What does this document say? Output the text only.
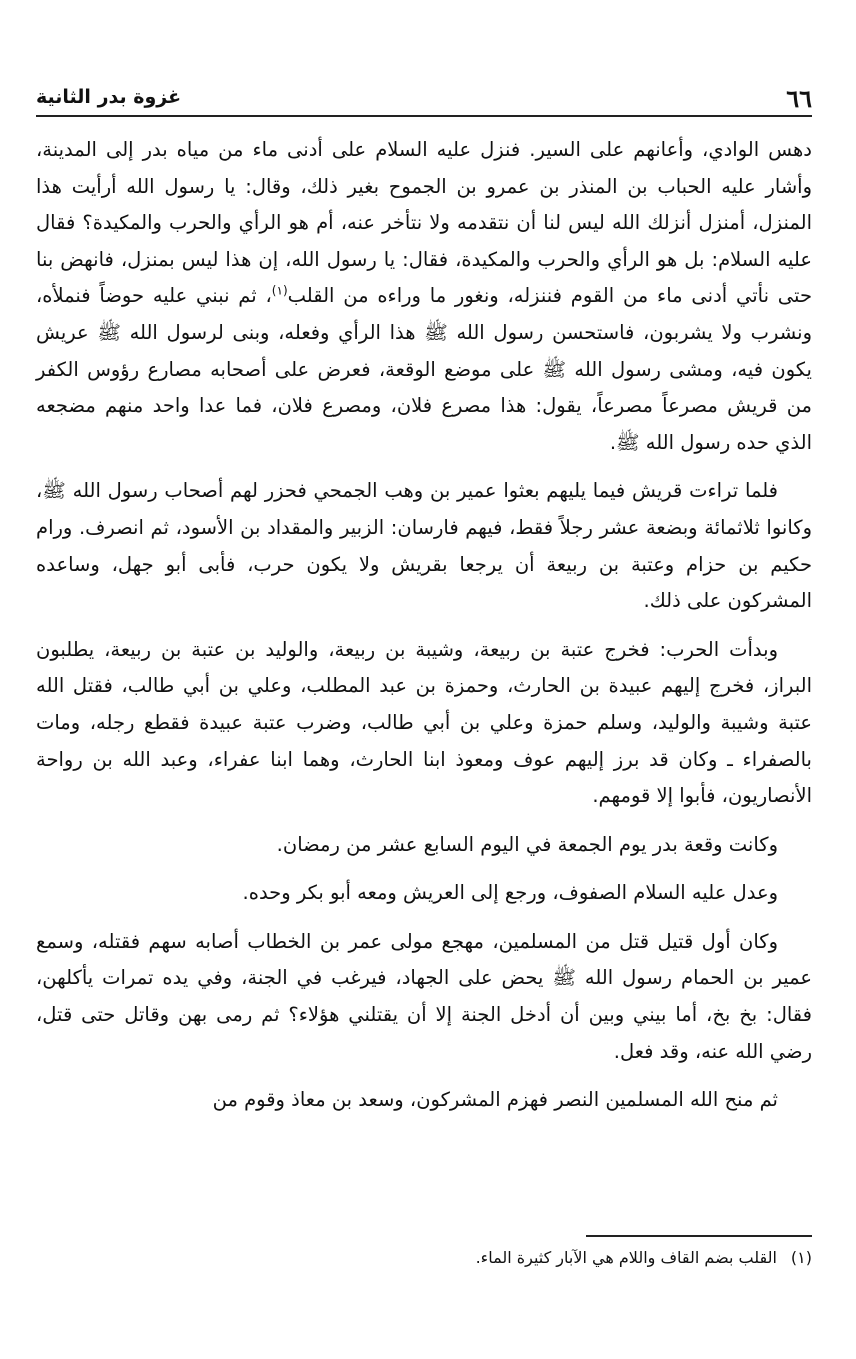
٦٦
غزوة بدر الثانية

دهس الوادي، وأعانهم على السير. فنزل عليه السلام على أدنى ماء من مياه بدر إلى المدينة، وأشار عليه الحباب بن المنذر بن عمرو بن الجموح بغير ذلك، وقال: يا رسول الله أرأيت هذا المنزل، أمنزل أنزلك الله ليس لنا أن نتقدمه ولا نتأخر عنه، أم هو الرأي والحرب والمكيدة؟ فقال عليه السلام: بل هو الرأي والحرب والمكيدة، فقال: يا رسول الله، إن هذا ليس بمنزل، فانهض بنا حتى نأتي أدنى ماء من القوم فننزله، ونغور ما وراءه من القلب$^{(١)}$، ثم نبني عليه حوضاً فنملأه، ونشرب ولا يشربون، فاستحسن رسول الله ﷺ هذا الرأي وفعله، وبنى لرسول الله ﷺ عريش يكون فيه، ومشى رسول الله ﷺ على موضع الوقعة، فعرض على أصحابه مصارع رؤوس الكفر من قريش مصرعاً مصرعاً، يقول: هذا مصرع فلان، ومصرع فلان، فما عدا واحد منهم مضجعه الذي حده رسول الله ﷺ.

فلما تراءت قريش فيما يليهم بعثوا عمير بن وهب الجمحي فحزر لهم أصحاب رسول الله ﷺ، وكانوا ثلاثمائة وبضعة عشر رجلاً فقط، فيهم فارسان: الزبير والمقداد بن الأسود، ثم انصرف. ورام حكيم بن حزام وعتبة بن ربيعة أن يرجعا بقريش ولا يكون حرب، فأبى أبو جهل، وساعده المشركون على ذلك.

وبدأت الحرب: فخرج عتبة بن ربيعة، وشيبة بن ربيعة، والوليد بن عتبة بن ربيعة، يطلبون البراز، فخرج إليهم عبيدة بن الحارث، وحمزة بن عبد المطلب، وعلي بن أبي طالب، فقتل الله عتبة وشيبة والوليد، وسلم حمزة وعلي بن أبي طالب، وضرب عتبة عبيدة فقطع رجله، ومات بالصفراء ـ وكان قد برز إليهم عوف ومعوذ ابنا الحارث، وهما ابنا عفراء، وعبد الله بن رواحة الأنصاريون، فأبوا إلا قومهم.

وكانت وقعة بدر يوم الجمعة في اليوم السابع عشر من رمضان.

وعدل عليه السلام الصفوف، ورجع إلى العريش ومعه أبو بكر وحده.

وكان أول قتيل قتل من المسلمين، مهجع مولى عمر بن الخطاب أصابه سهم فقتله، وسمع عمير بن الحمام رسول الله ﷺ يحض على الجهاد، فيرغب في الجنة، وفي يده تمرات يأكلهن، فقال: بخ بخ، أما بيني وبين أن أدخل الجنة إلا أن يقتلني هؤلاء؟ ثم رمى بهن وقاتل حتى قتل، رضي الله عنه، وقد فعل.

ثم منح الله المسلمين النصر فهزم المشركون، وسعد بن معاذ وقوم من

(١)القلب بضم القاف واللام هي الآبار كثيرة الماء.
